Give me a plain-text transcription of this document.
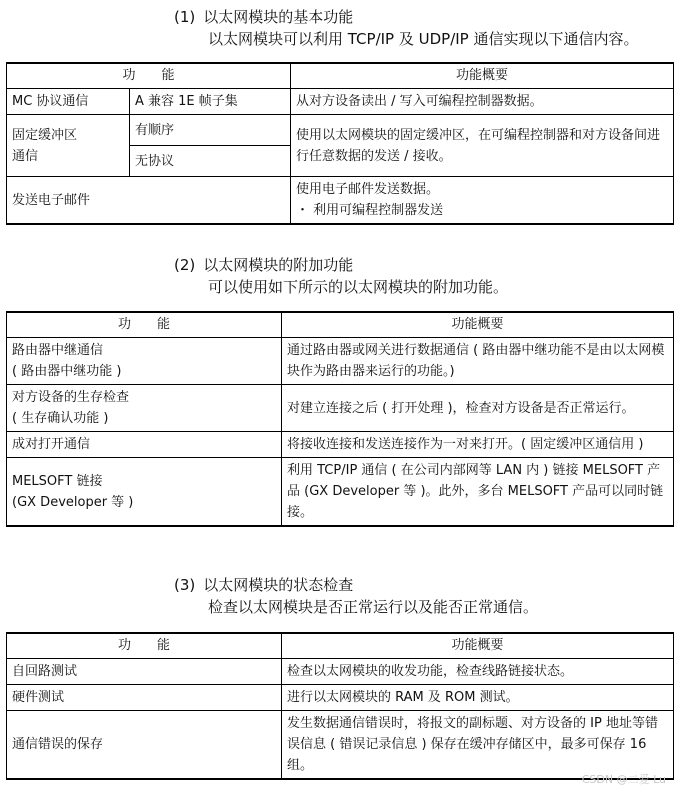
(1) 以太网模块的基本功能
以太网模块可以利用 TCP/IP 及 UDP/IP 通信实现以下通信内容。
功　　能		功能概要
MC 协议通信	A 兼容 1E 帧子集	从对方设备读出 / 写入可编程控制器数据。

固定缓冲区
通信	有顺序	使用以太网模块的固定缓冲区，在可编程控制器和对方设备间进行任意数据的发送 / 接收。
	无协议	
发送电子邮件		使用电子邮件发送数据。
・ 利用可编程控制器发送
(2) 以太网模块的附加功能
可以使用如下所示的以太网模块的附加功能。
功　　能	功能概要

路由器中继通信
( 路由器中继功能 )	通过路由器或网关进行数据通信 ( 路由器中继功能不是由以太网模块作为路由器来运行的功能。)

对方设备的生存检查
( 生存确认功能 )	对建立连接之后 ( 打开处理 )，检查对方设备是否正常运行。
成对打开通信	将接收连接和发送连接作为一对来打开。( 固定缓冲区通信用 )

MELSOFT 链接
(GX Developer 等 )	利用 TCP/IP 通信 ( 在公司内部网等 LAN 内 ) 链接 MELSOFT 产品 (GX Developer 等 )。此外，多台 MELSOFT 产品可以同时链接。
(3) 以太网模块的状态检查
检查以太网模块是否正常运行以及能否正常通信。
功　　能	功能概要
自回路测试	检查以太网模块的收发功能，检查线路链接状态。
硬件测试	进行以太网模块的 RAM 及 ROM 测试。
通信错误的保存	发生数据通信错误时，将报文的副标题、对方设备的 IP 地址等错误信息 ( 错误记录信息 ) 保存在缓冲存储区中，最多可保存 16 组。
CSDN @二爱 Lu
